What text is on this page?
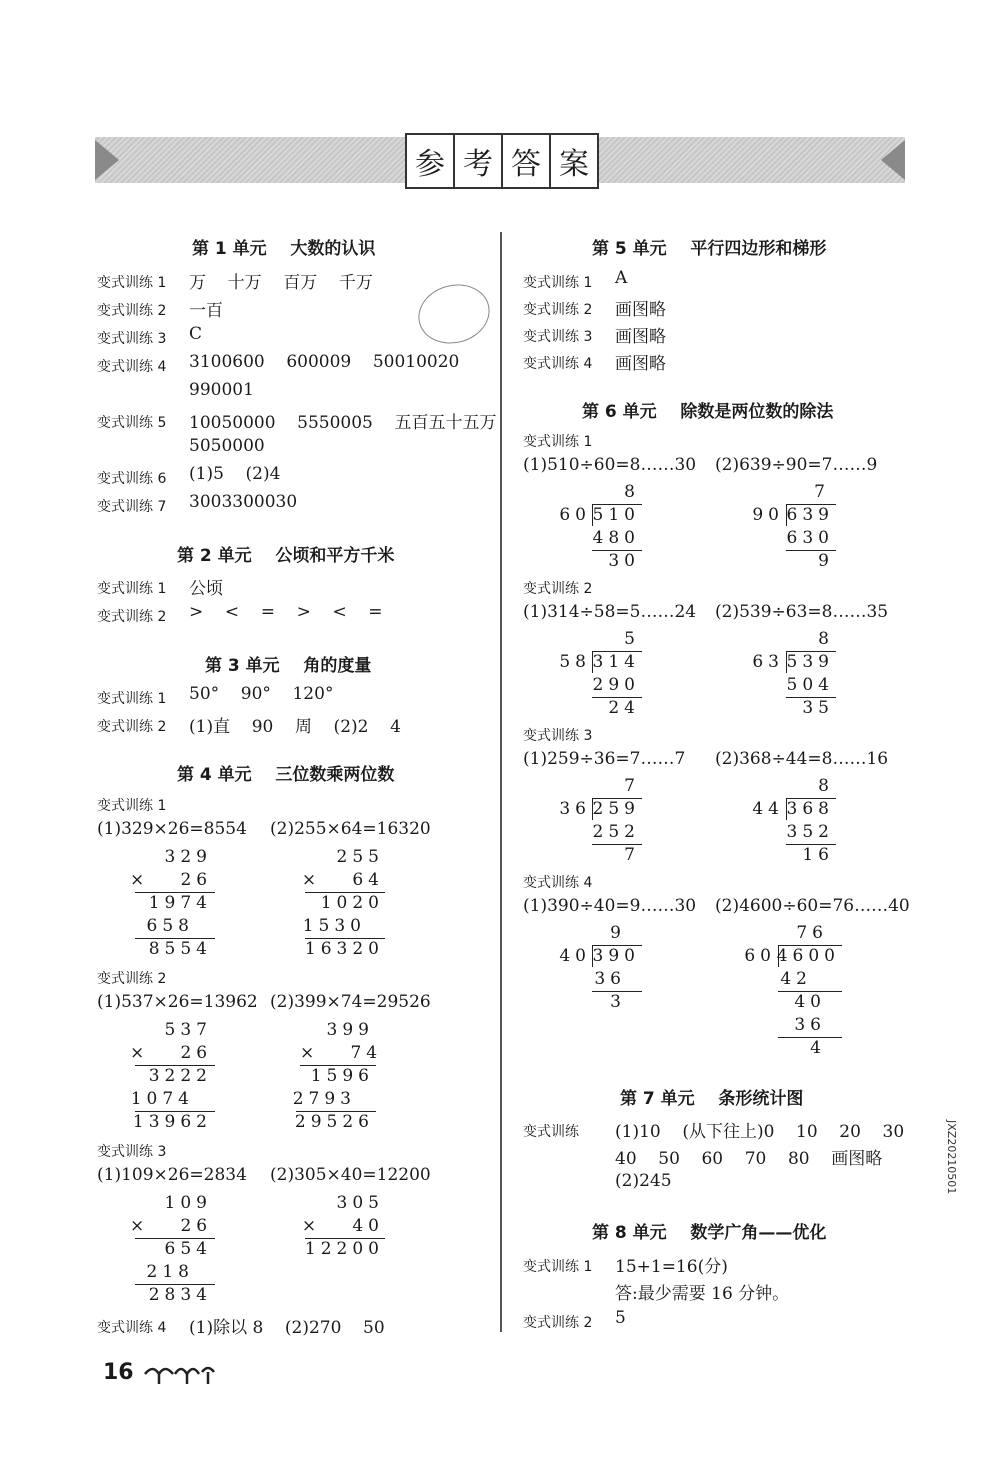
参 考 答 案
第 1 单元    大数的认识
变式训练 1 万    十万    百万    千万
变式训练 2 一百
变式训练 3 C
变式训练 4 3100600    600009    50010020
990001
变式训练 5 10050000    5550005    五百五十五万
5050000
变式训练 6 (1)5    (2)4
变式训练 7 3003300030
第 2 单元    公顷和平方千米
变式训练 1 公顷
变式训练 2 >    <    =    >    <    =
第 3 单元    角的度量
变式训练 1 50°    90°    120°
变式训练 2 (1)直    90    周    (2)2    4
第 4 单元    三位数乘两位数
变式训练 1
(1)329×26=8554 (2)255×64=16320
329
×   26
1974
658
8554
255
×   64
1020
1530
16320
变式训练 2
(1)537×26=13962 (2)399×74=29526
537
×   26
3222
1074
13962
399
×   74
1596
2793
29526
变式训练 3
(1)109×26=2834 (2)305×40=12200
109
×   26
654
218
2834
305
×   40
12200
变式训练 4 (1)除以 8    (2)270    50
第 5 单元    平行四边形和梯形
变式训练 1 A
变式训练 2 画图略
变式训练 3 画图略
变式训练 4 画图略
第 6 单元    除数是两位数的除法
变式训练 1
(1)510÷60=8……30 (2)639÷90=7……9
8
60 510
480
30
7
90 639
630
9
变式训练 2
(1)314÷58=5……24 (2)539÷63=8……35
5
58 314
290
24
8
63 539
504
35
变式训练 3
(1)259÷36=7……7 (2)368÷44=8……16
7
36 259
252
7
8
44 368
352
16
变式训练 4
(1)390÷40=9……30 (2)4600÷60=76……40
9
40 390
36
3
76
60 4600
42
40
36
4
第 7 单元    条形统计图
变式训练 (1)10    (从下往上)0    10    20    30
40    50    60    70    80    画图略
(2)245
第 8 单元    数学广角——优化
变式训练 1 15+1=16(分)
答:最少需要 16 分钟。
变式训练 2 5
16
JXZ20210501
